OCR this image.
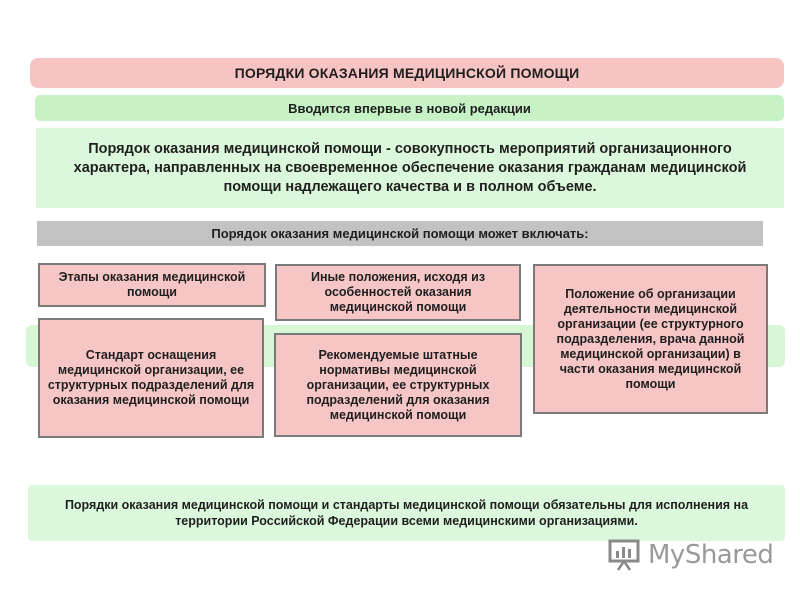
ПОРЯДКИ ОКАЗАНИЯ МЕДИЦИНСКОЙ ПОМОЩИ
Вводится впервые в новой редакции
Порядок оказания медицинской помощи - совокупность мероприятий организационного характера, направленных на своевременное обеспечение оказания гражданам медицинской помощи надлежащего качества и в полном объеме.
Порядок оказания медицинской помощи может включать:
Этапы оказания медицинской помощи
Иные положения, исходя из особенностей оказания медицинской помощи
Положение об организации деятельности медицинской организации (ее структурного подразделения, врача данной медицинской организации) в части оказания медицинской помощи
Стандарт оснащения медицинской организации, ее структурных подразделений для оказания медицинской помощи
Рекомендуемые штатные нормативы медицинской организации, ее структурных подразделений для оказания медицинской помощи
Порядки оказания медицинской помощи и стандарты медицинской помощи обязательны для исполнения на территории Российской Федерации всеми медицинскими организациями.
MyShared
